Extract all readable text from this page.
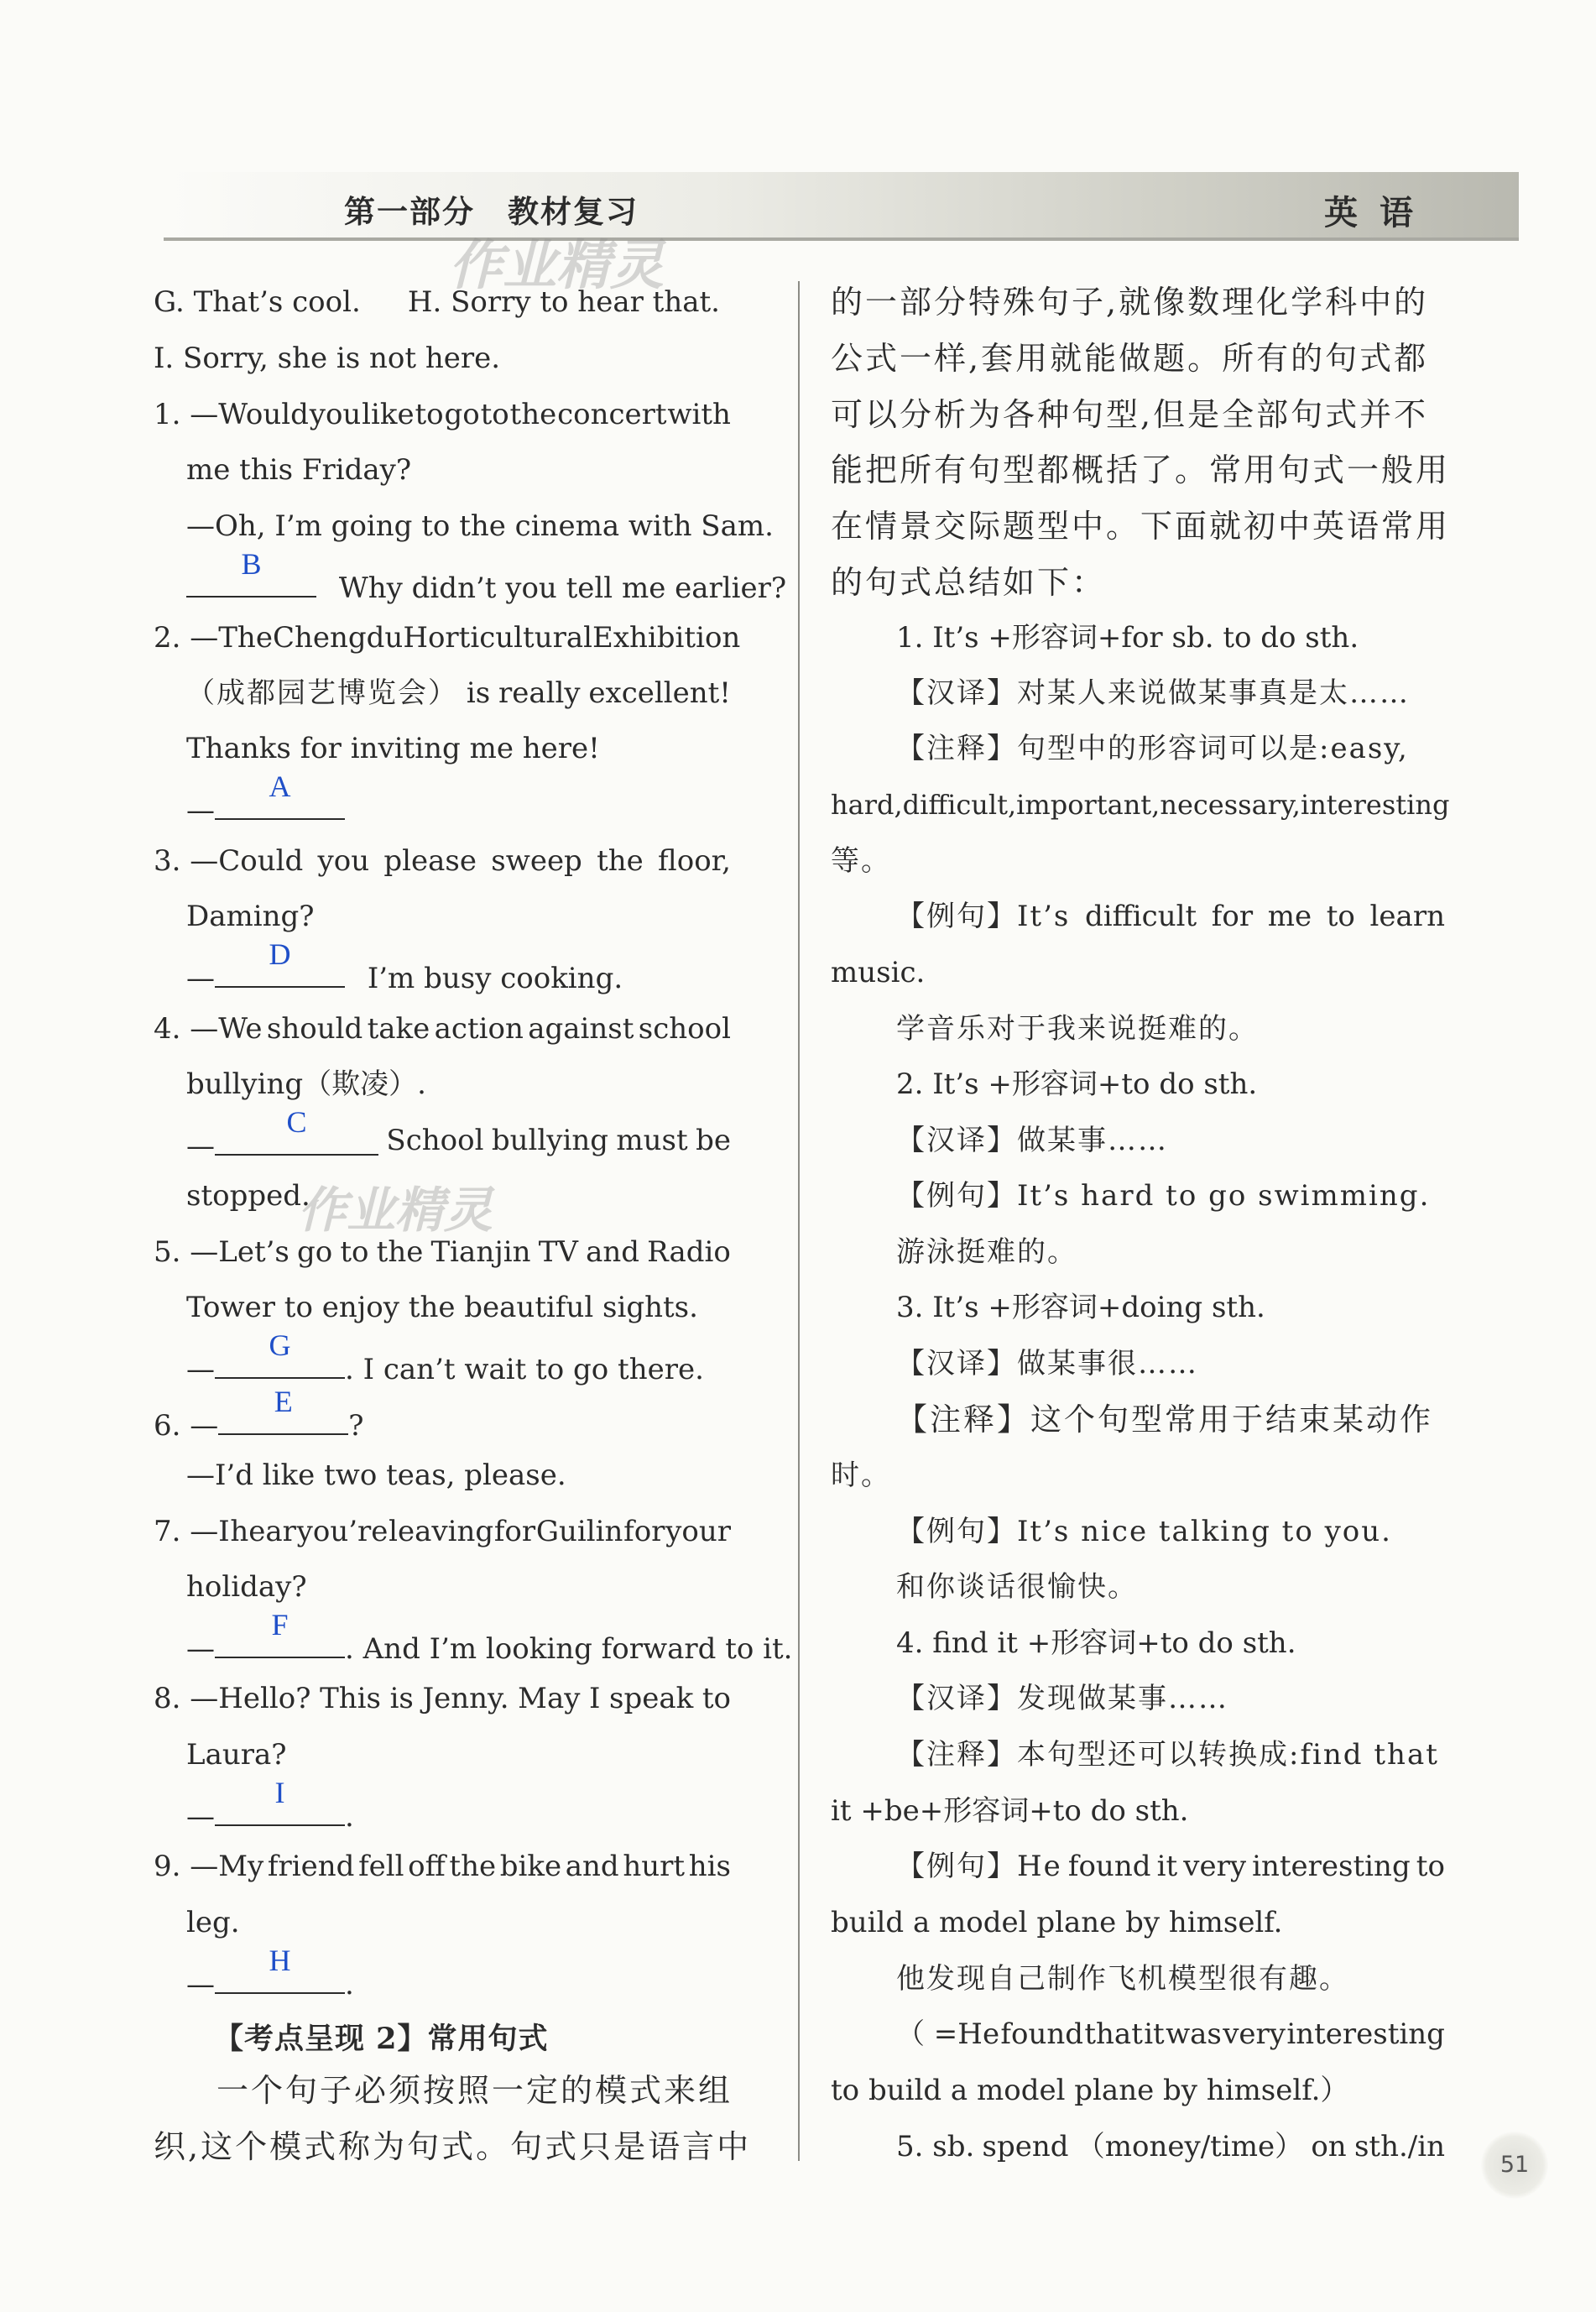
第一部分　教材复习	英语
作业精灵
作业精灵
G. That’s cool. H. Sorry to hear that.
I. Sorry, she is not here.
1. —Would you like to go to the concert with
me this Friday?
—Oh, I’m going to the cinema with Sam.
B
Why didn’t you tell me earlier?
2. —The Chengdu Horticultural Exhibition
（成都园艺博览会） is really excellent!
Thanks for inviting me here!
—
A
3. —Could you please sweep the floor,
Daming?
—
D
I’m busy cooking.
4. —We should take action against school
bullying（欺凌）.
—
C
School bullying must be
stopped.
5. —Let’s go to the Tianjin TV and Radio
Tower to enjoy the beautiful sights.
—
G
. I can’t wait to go there.
6. —
E
?
—I’d like two teas, please.
7. —I hear you’re leaving for Guilin for your
holiday?
—
F
. And I’m looking forward to it.
8. —Hello? This is Jenny. May I speak to
Laura?
—
I
.
9. —My friend fell off the bike and hurt his
leg.
—
H
.
【考点呈现 2】常用句式
一个句子必须按照一定的模式来组
织,这个模式称为句式。句式只是语言中
的一部分特殊句子,就像数理化学科中的
公式一样,套用就能做题。所有的句式都
可以分析为各种句型,但是全部句式并不
能把所有句型都概括了。常用句式一般用
在情景交际题型中。下面就初中英语常用
的句式总结如下：
1. It’s +形容词+for sb. to do sth.
【汉译】对某人来说做某事真是太……
【注释】句型中的形容词可以是:easy,
hard, difficult, important, necessary, interesting
等。
【例句】It’s difficult for me to learn
music.
学音乐对于我来说挺难的。
2. It’s +形容词+to do sth.
【汉译】做某事……
【例句】It’s hard to go swimming.
游泳挺难的。
3. It’s +形容词+doing sth.
【汉译】做某事很……
【注释】这个句型常用于结束某动作
时。
【例句】It’s nice talking to you.
和你谈话很愉快。
4. find it +形容词+to do sth.
【汉译】发现做某事……
【注释】本句型还可以转换成:find that
it +be+形容词+to do sth.
【例句】He found it very interesting to
build a model plane by himself.
他发现自己制作飞机模型很有趣。
（ =He found that it was very interesting
to build a model plane by himself.）
5. sb. spend （money/time） on sth./in
51
